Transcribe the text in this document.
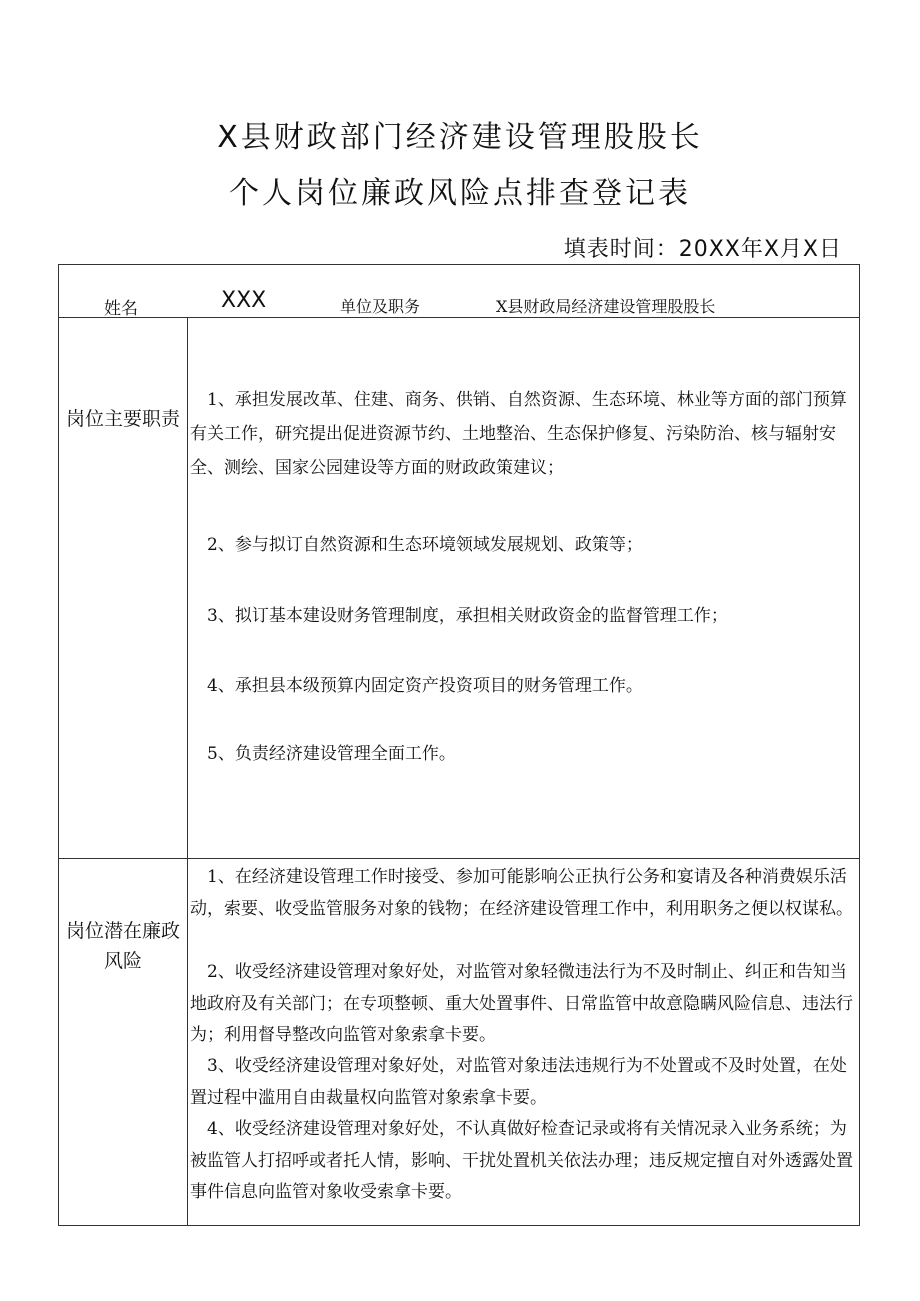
X县财政部门经济建设管理股股长
个人岗位廉政风险点排查登记表
填表时间：20XX年X月X日
姓名	XXX	单位及职务	X县财政局经济建设管理股股长
岗位主要职责

1、承担发展改革、住建、商务、供销、自然资源、生态环境、林业等方面的部门预算有关工作，研究提出促进资源节约、土地整治、生态保护修复、污染防治、核与辐射安全、测绘、国家公园建设等方面的财政政策建议；

2、参与拟订自然资源和生态环境领域发展规划、政策等；

3、拟订基本建设财务管理制度，承担相关财政资金的监督管理工作；

4、承担县本级预算内固定资产投资项目的财务管理工作。

5、负责经济建设管理全面工作。

岗位潜在廉政风险

1、在经济建设管理工作时接受、参加可能影响公正执行公务和宴请及各种消费娱乐活动，索要、收受监管服务对象的钱物；在经济建设管理工作中，利用职务之便以权谋私。

2、收受经济建设管理对象好处，对监管对象轻微违法行为不及时制止、纠正和告知当地政府及有关部门；在专项整顿、重大处置事件、日常监管中故意隐瞒风险信息、违法行为；利用督导整改向监管对象索拿卡要。

3、收受经济建设管理对象好处，对监管对象违法违规行为不处置或不及时处置，在处置过程中滥用自由裁量权向监管对象索拿卡要。

4、收受经济建设管理对象好处，不认真做好检查记录或将有关情况录入业务系统；为被监管人打招呼或者托人情，影响、干扰处置机关依法办理；违反规定擅自对外透露处置事件信息向监管对象收受索拿卡要。
